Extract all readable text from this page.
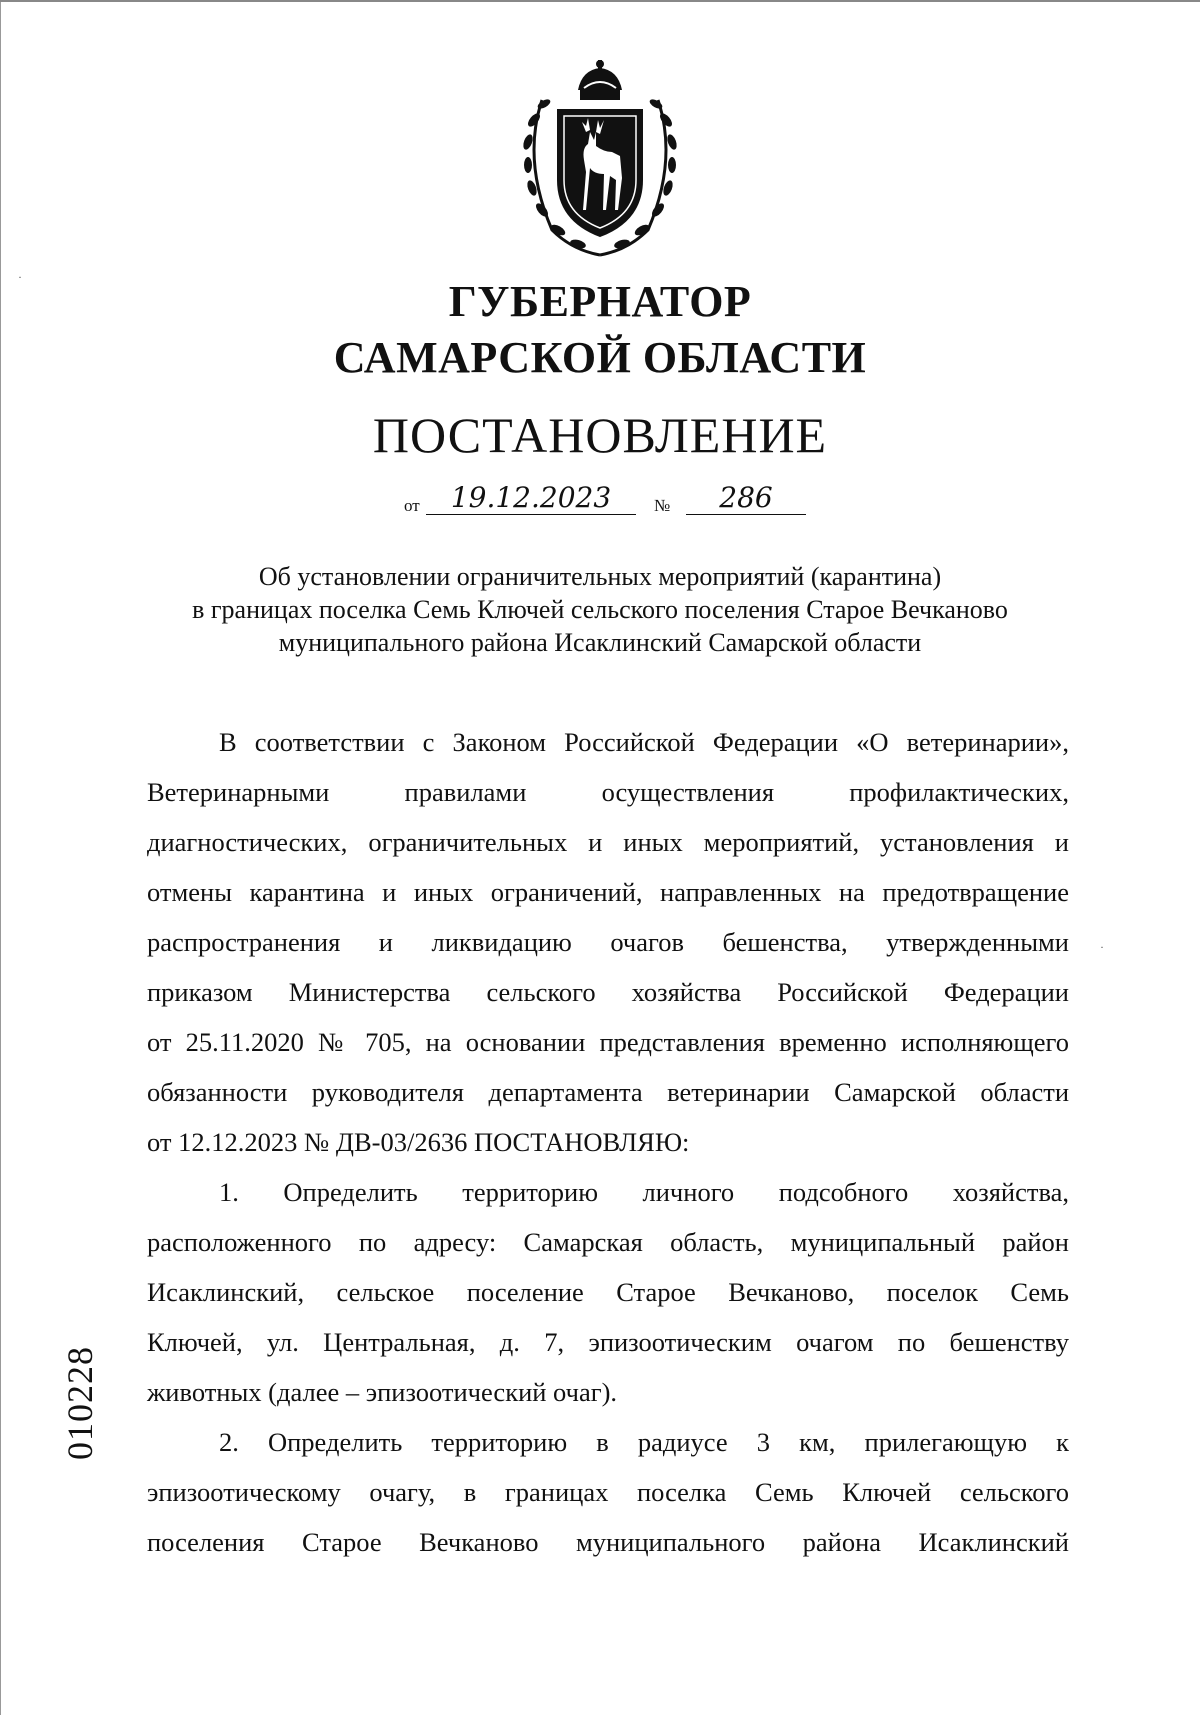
ГУБЕРНАТОР
САМАРСКОЙ ОБЛАСТИ
ПОСТАНОВЛЕНИЕ
от	19.12.2023	№	286
Об установлении ограничительных мероприятий (карантина)
в границах поселка Семь Ключей сельского поселения Старое Вечканово
муниципального района Исаклинский Самарской области
В соответствии с Законом Российской Федерации «О ветеринарии»,
Ветеринарными правилами осуществления профилактических,
диагностических, ограничительных и иных мероприятий, установления и
отмены карантина и иных ограничений, направленных на предотвращение
распространения и ликвидацию очагов бешенства, утвержденными
приказом Министерства сельского хозяйства Российской Федерации
от 25.11.2020 № 705, на основании представления временно исполняющего
обязанности руководителя департамента ветеринарии Самарской области
от 12.12.2023 № ДВ-03/2636 ПОСТАНОВЛЯЮ:
1. Определить территорию личного подсобного хозяйства,
расположенного по адресу: Самарская область, муниципальный район
Исаклинский, сельское поселение Старое Вечканово, поселок Семь
Ключей, ул. Центральная, д. 7, эпизоотическим очагом по бешенству
животных (далее – эпизоотический очаг).
2. Определить территорию в радиусе 3 км, прилегающую к
эпизоотическому очагу, в границах поселка Семь Ключей сельского
поселения Старое Вечканово муниципального района Исаклинский
010228
·
·
